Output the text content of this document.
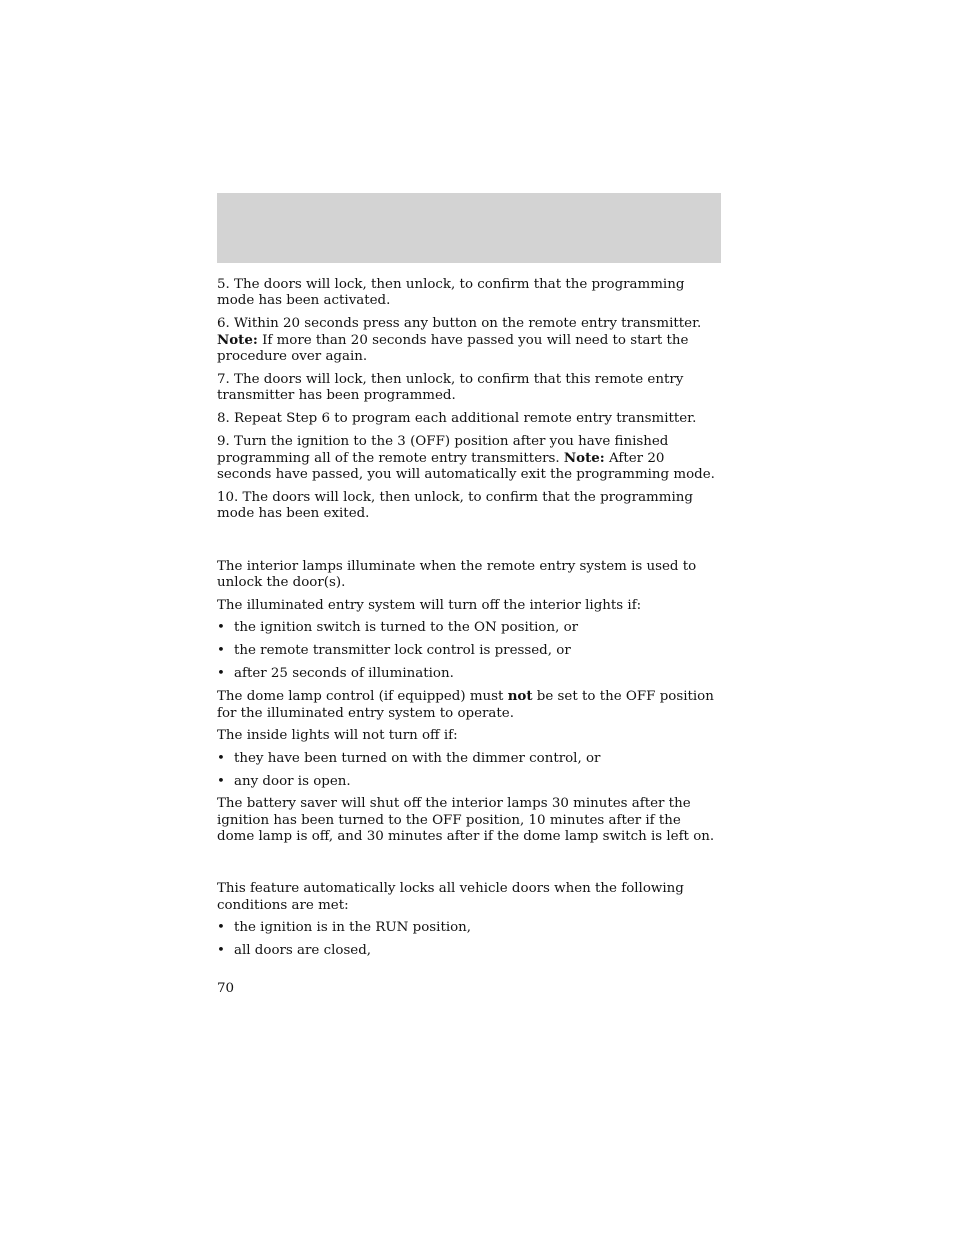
5. The doors will lock, then unlock, to confirm that the programming mode has been activated.

6. Within 20 seconds press any button on the remote entry transmitter. Note: If more than 20 seconds have passed you will need to start the procedure over again.

7. The doors will lock, then unlock, to confirm that this remote entry transmitter has been programmed.

8. Repeat Step 6 to program each additional remote entry transmitter.

9. Turn the ignition to the 3 (OFF) position after you have finished programming all of the remote entry transmitters. Note: After 20 seconds have passed, you will automatically exit the programming mode.

10. The doors will lock, then unlock, to confirm that the programming mode has been exited.

The interior lamps illuminate when the remote entry system is used to unlock the door(s).

The illuminated entry system will turn off the interior lights if:

• the ignition switch is turned to the ON position, or
• the remote transmitter lock control is pressed, or
• after 25 seconds of illumination.

The dome lamp control (if equipped) must not be set to the OFF position for the illuminated entry system to operate.

The inside lights will not turn off if:

• they have been turned on with the dimmer control, or
• any door is open.

The battery saver will shut off the interior lamps 30 minutes after the ignition has been turned to the OFF position, 10 minutes after if the dome lamp is off, and 30 minutes after if the dome lamp switch is left on.

This feature automatically locks all vehicle doors when the following conditions are met:

• the ignition is in the RUN position,
• all doors are closed,
70
